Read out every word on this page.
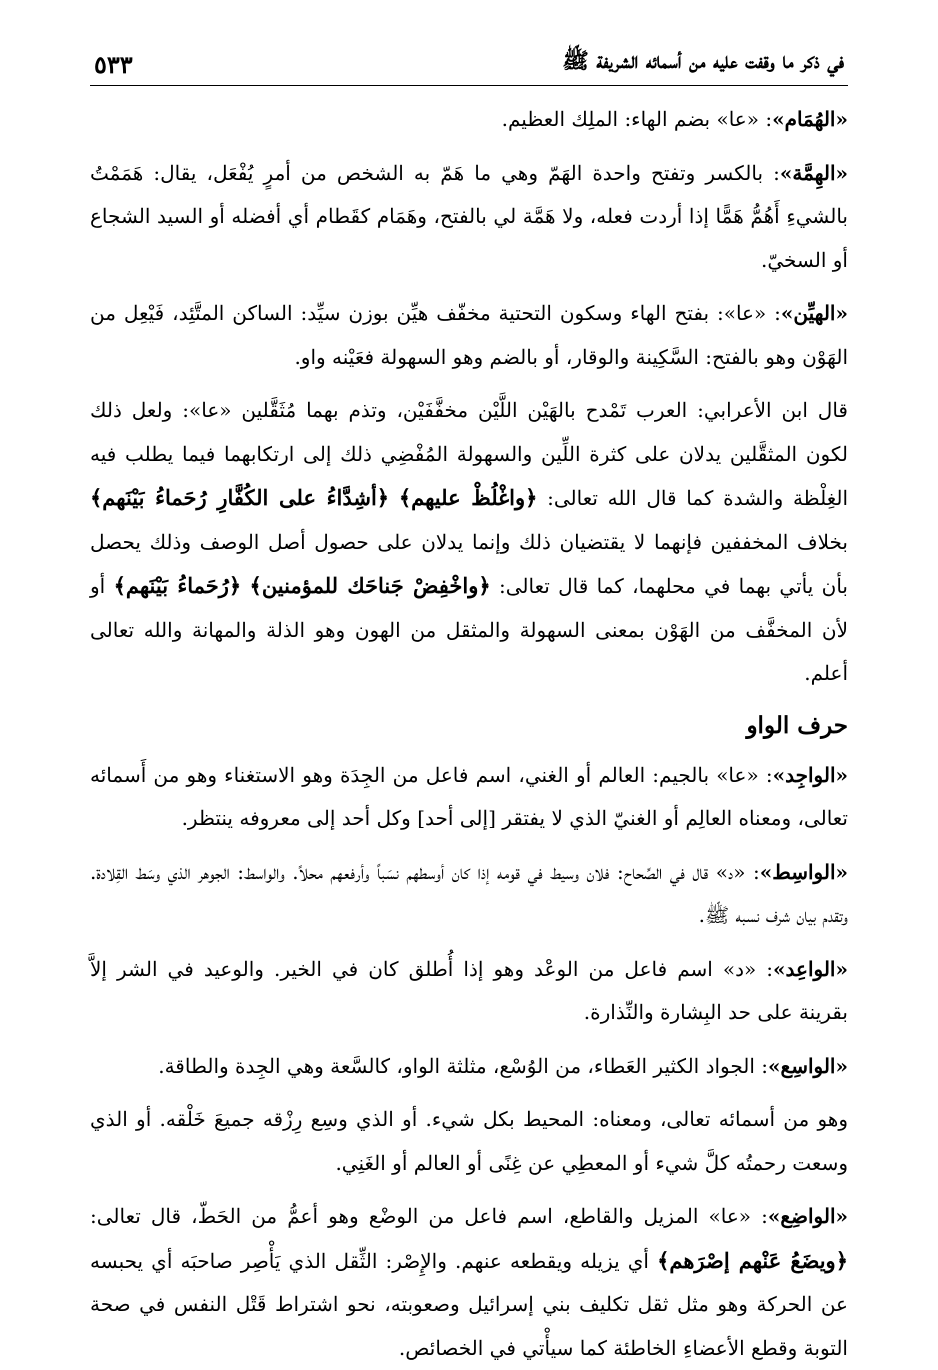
في ذكر ما وقفت عليه من أسمائه الشريفة ﷺ
٥٣٣

«الهُمَام»: «عا» بضم الهاء: الملِك العظيم.

«الهِمَّة»: بالكسر وتفتح واحدة الهَمّ وهي ما هَمّ به الشخص من أمرٍ يُفْعَل، يقال: هَمَمْتُ بالشيءِ أَهُمُّ هَمًّا إذا أردت فعله، ولا هَمَّة لي بالفتح، وهَمَام كقَطام أي أفضله أو السيد الشجاع أو السخيّ.

«الهيِّن»: «عا»: بفتح الهاء وسكون التحتية مخفّف هيِّن بوزن سيِّد: الساكن المتَّئِد، فَيْعِل من الهَوْن وهو بالفتح: السَّكِينة والوقار، أو بالضم وهو السهولة فعَيْنه واو.

قال ابن الأعرابي: العرب تَمْدح بالهَيْن اللَّيْن مخفَّفَيْن، وتذم بهما مُثَقَّلين «عا»: ولعل ذلك لكون المثقَّلين يدلان على كثرة اللِّين والسهولة المُفْضِي ذلك إلى ارتكابهما فيما يطلب فيه الغِلْظة والشدة كما قال الله تعالى: ﴿واغْلُظْ عليهم﴾ ﴿أشِدَّاءُ على الكُفَّارِ رُحَماءُ بَيْنَهم﴾ بخلاف المخففين فإنهما لا يقتضيان ذلك وإنما يدلان على حصول أصل الوصف وذلك يحصل بأن يأتي بهما في محلهما، كما قال تعالى: ﴿واخْفِضْ جَناحَك للمؤمنين﴾ ﴿رُحَماءُ بَيْنَهم﴾ أو لأن المخفَّف من الهَوْن بمعنى السهولة والمثقل من الهون وهو الذلة والمهانة والله تعالى أعلم.

حرف الواو

«الواجِد»: «عا» بالجيم: العالم أو الغني، اسم فاعل من الجِدَة وهو الاستغناء وهو من أَسمائه تعالى، ومعناه العالِم أو الغنيّ الذي لا يفتقر [إلى أحد] وكل أحد إلى معروفه ينتظر.

«الواسِط»: «د» قال في الصِّحاح: فلان وسيط في قومه إذا كان أوسطهم نسَباً وأرفعهم محلاً. والواسط: الجوهر الذي وسَط القِلادة. وتقدم بيان شرف نسبه ﷺ.

«الواعِد»: «د» اسم فاعل من الوعْد وهو إذا أُطلق كان في الخير. والوعيد في الشر إلاَّ بقرينة على حد البِشارة والنِّذارة.

«الواسِع»: الجواد الكثير العَطاء، من الوُسْع، مثلثة الواو، كالسَّعة وهي الجِدة والطاقة.

وهو من أسمائه تعالى، ومعناه: المحيط بكل شيء. أو الذي وسِع رِزْقه جميعَ خَلْقه. أو الذي وسعت رحمتُه كلَّ شيء أو المعطِي عن غِنًى أو العالم أو الغَنِي.

«الواضِع»: «عا» المزيل والقاطع، اسم فاعل من الوضْع وهو أعمُّ من الحَطّ، قال تعالى: ﴿ويضَعُ عَنْهم إصْرَهم﴾ أي يزيله ويقطعه عنهم. والإِصْر: الثِّقل الذي يَأْصِر صاحبَه أي يحبسه عن الحركة وهو مثل ثقل تكليف بني إسرائيل وصعوبته، نحو اشتراط قَتْل النفس في صحة التوبة وقطع الأعضاءِ الخاطئة كما سيأْتي في الخصائص.
